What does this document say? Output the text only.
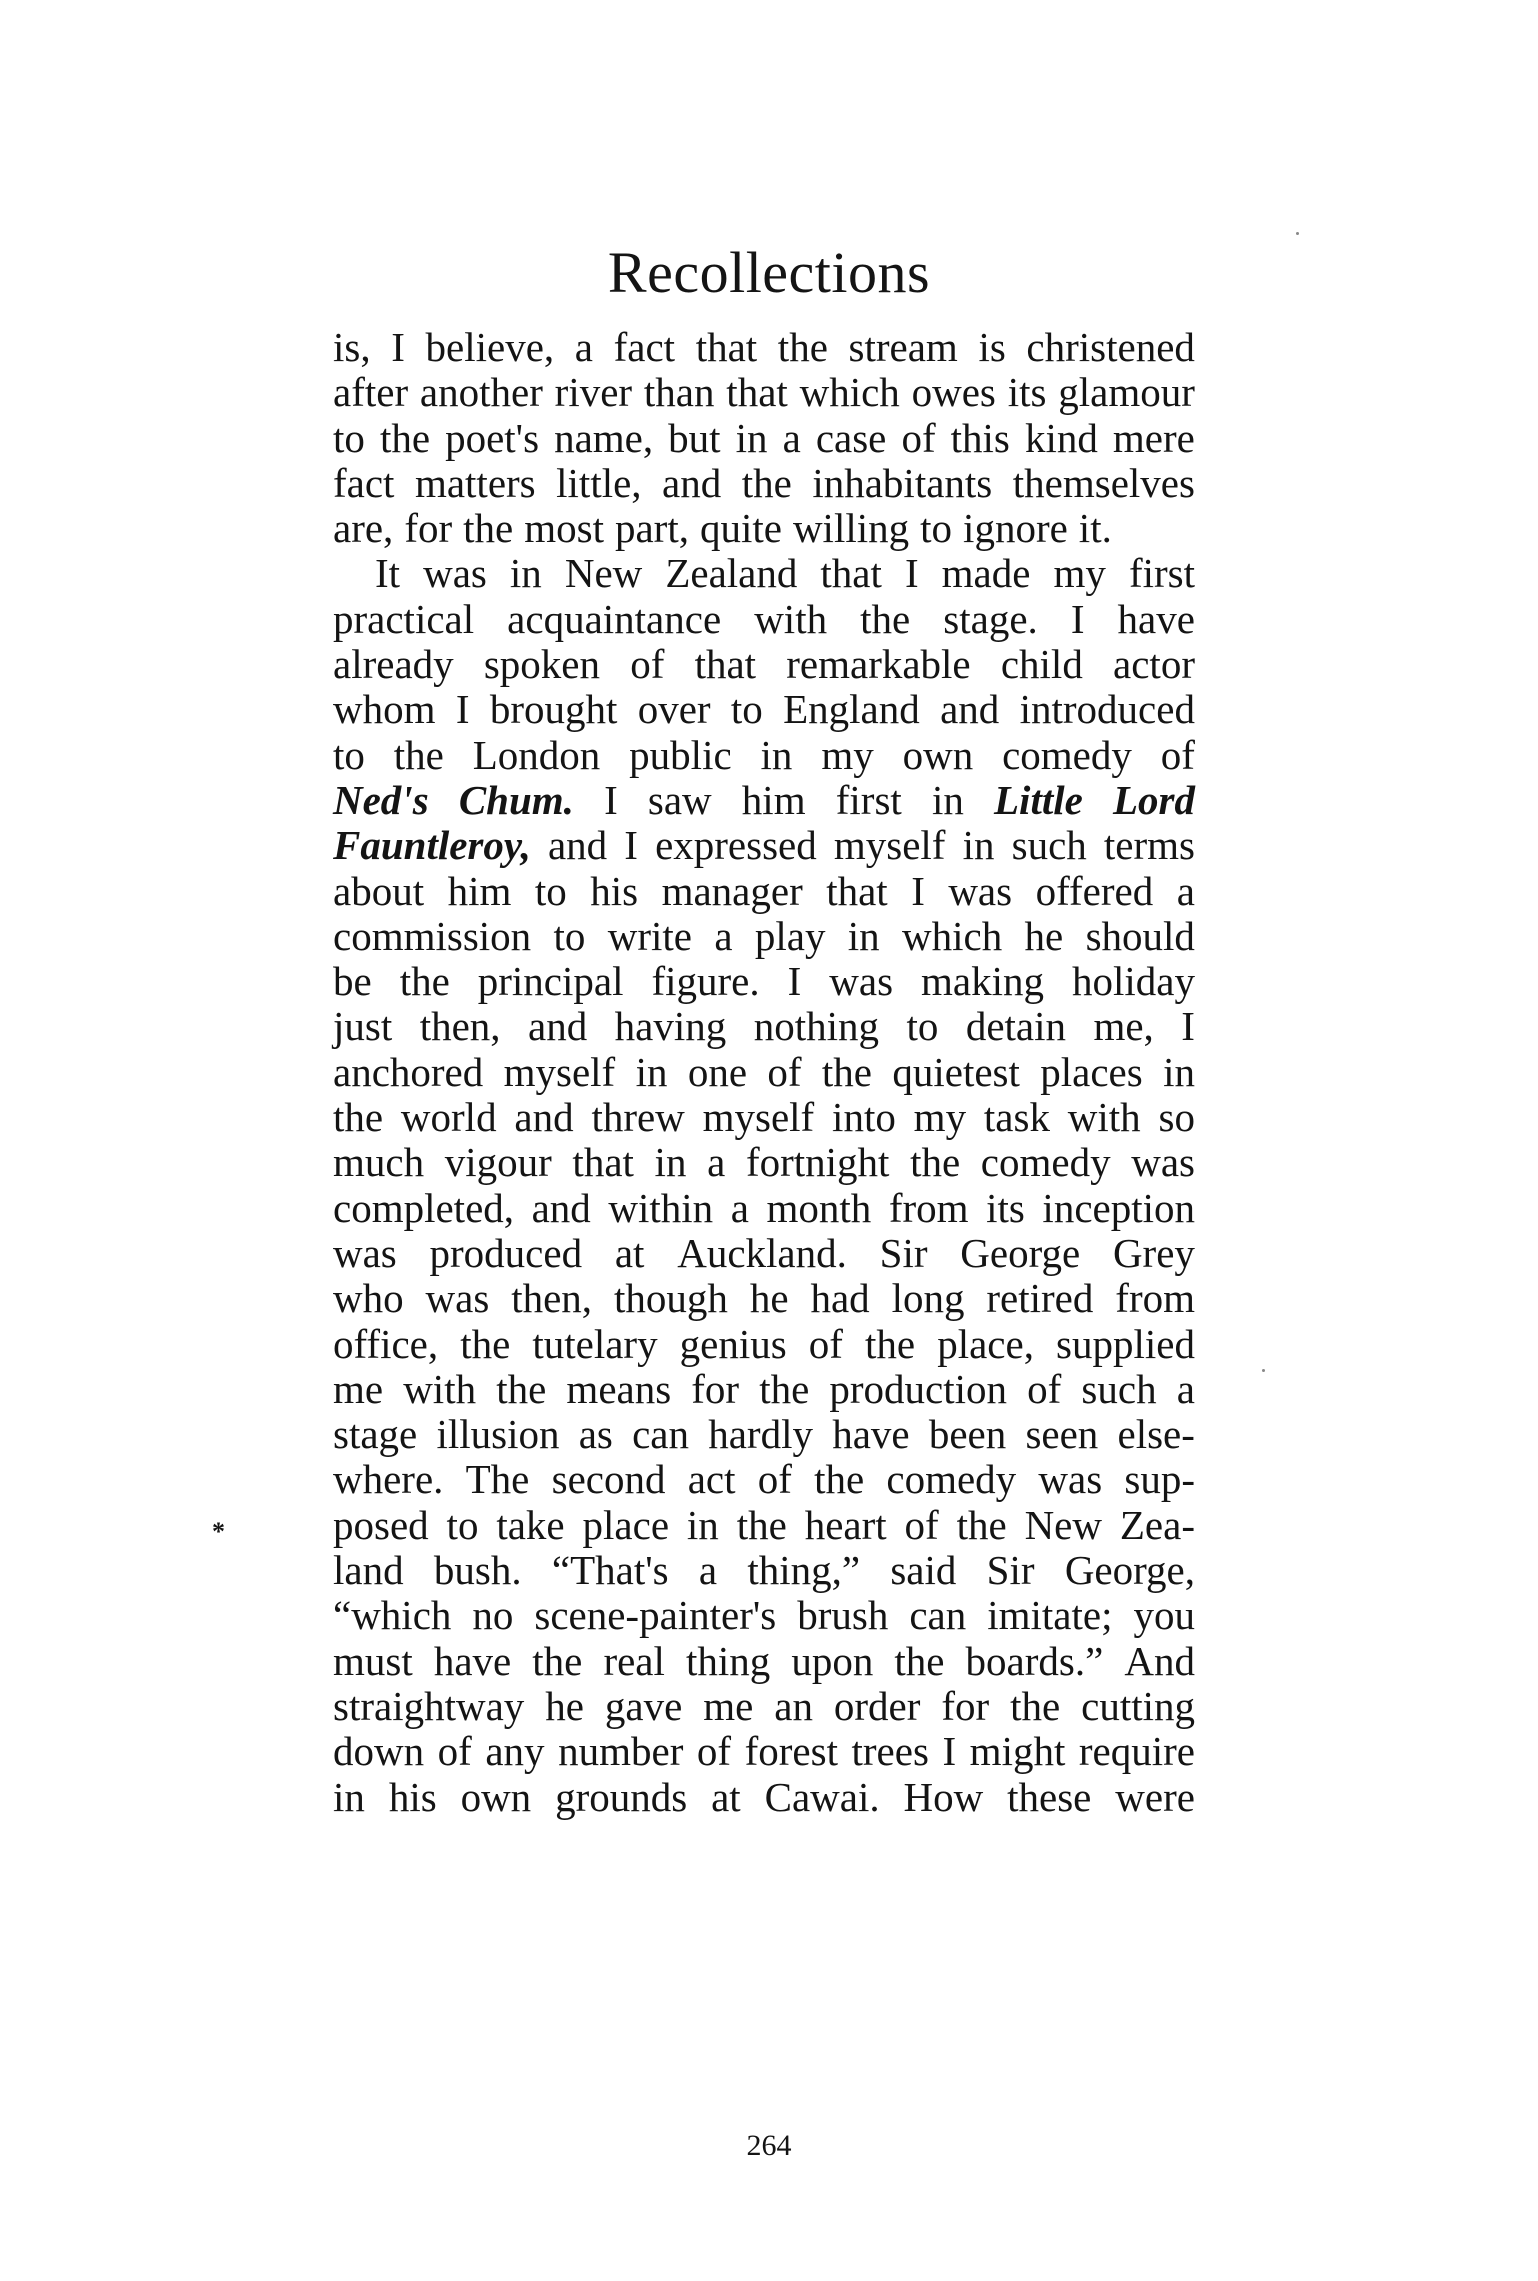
Recollections
is, I believe, a fact that the stream is christened
after another river than that which owes its glamour
to the poet's name, but in a case of this kind mere
fact matters little, and the inhabitants themselves
are, for the most part, quite willing to ignore it.
It was in New Zealand that I made my first
practical acquaintance with the stage. I have
already spoken of that remarkable child actor
whom I brought over to England and introduced
to the London public in my own comedy of
Ned's Chum. I saw him first in Little Lord
Fauntleroy, and I expressed myself in such terms
about him to his manager that I was offered a
commission to write a play in which he should
be the principal figure. I was making holiday
just then, and having nothing to detain me, I
anchored myself in one of the quietest places in
the world and threw myself into my task with so
much vigour that in a fortnight the comedy was
completed, and within a month from its inception
was produced at Auckland. Sir George Grey
who was then, though he had long retired from
office, the tutelary genius of the place, supplied
me with the means for the production of such a
stage illusion as can hardly have been seen else-
where. The second act of the comedy was sup-
posed to take place in the heart of the New Zea-
land bush. “That's a thing,” said Sir George,
“which no scene-painter's brush can imitate; you
must have the real thing upon the boards.” And
straightway he gave me an order for the cutting
down of any number of forest trees I might require
in his own grounds at Cawai. How these were
*
264
